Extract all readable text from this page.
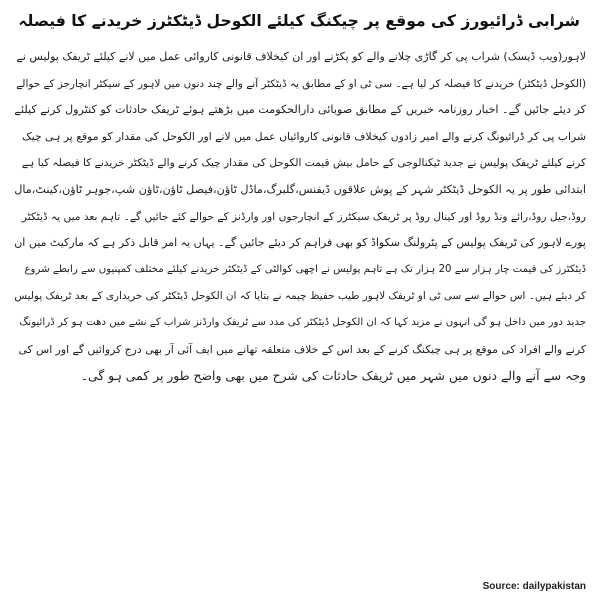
شرابی ڈرائیورز کی موقع پر چیکنگ کیلئے الکوحل ڈیٹکٹرز خریدنے کا فیصلہ
لاہور(ویب ڈیسک) شراب پی کر گاڑی چلانے والے کو پکڑنے اور ان کیخلاف قانونی کاروائی عمل میں لانے کیلئے ٹریفک پولیس نے
(الکوحل ڈیٹکٹر) خریدنے کا فیصلہ کر لیا ہے۔ سی ٹی او کے مطابق یہ ڈیٹکٹر آنے والے چند دنوں میں لاہور کے سیکٹر انچارجز کے حوالے
کر دیئے جائیں گے۔ اخبار روزنامہ خبریں کے مطابق صوبائی دارالحکومت میں بڑھتے ہوئے ٹریفک حادثات کو کنٹرول کرنے کیلئے
شراب پی کر ڈرائیونگ کرنے والے امیر زادوں کیخلاف قانونی کاروائیاں عمل میں لانے اور الکوحل کی مقدار کو موقع پر ہی چیک
کرنے کیلئے ٹریفک پولیس نے جدید ٹیکنالوجی کے حامل بیش قیمت الکوحل کی مقدار چیک کرنے والے ڈیٹکٹر خریدنے کا فیصلہ کیا ہے
ابتدائی طور پر یہ الکوحل ڈیٹکٹر شہر کے پوش علاقوں ڈیفنس،گلبرگ،ماڈل ٹاؤن،فیصل ٹاؤن،ٹاؤن شپ،جوہر ٹاؤن،کینٹ،مال
روڈ،جیل روڈ،رائے ونڈ روڈ اور کینال روڈ پر ٹریفک سیکٹرز کے انچارجوں اور وارڈنز کے حوالے کئے جائیں گے۔ تاہم بعد میں یہ ڈیٹکٹر
پورے لاہور کی ٹریفک پولیس کے پٹرولنگ سکواڈ کو بھی فراہم کر دیئے جائیں گے۔ یہاں یہ امر قابل ذکر ہے کہ مارکیٹ میں ان
ڈیٹکٹرز کی قیمت چار ہزار سے 20 ہزار تک ہے تاہم پولیس نے اچھی کوالٹی کے ڈیٹکٹر خریدنے کیلئے مختلف کمپنیوں سے رابطے شروع
کر دیئے ہیں۔ اس حوالے سے سی ٹی او ٹریفک لاہور طیب حفیظ چیمہ نے بتایا کہ ان الکوحل ڈیٹکٹر کی خریداری کے بعد ٹریفک پولیس
جدید دور میں داخل ہو گی انہوں نے مزید کہا کہ ان الکوحل ڈیٹکٹر کی مدد سے ٹریفک وارڈنز شراب کے نشے میں دھت ہو کر ڈرائیونگ
کرنے والے افراد کی موقع پر ہی چیکنگ کرنے کے بعد اس کے خلاف متعلقہ تھانے میں ایف آئی آر بھی درج کروائیں گے اور اس کی
وجہ سے آنے والے دنوں میں شہر میں ٹریفک حادثات کی شرح میں بھی واضح طور پر کمی ہو گی۔
Source: dailypakistan
